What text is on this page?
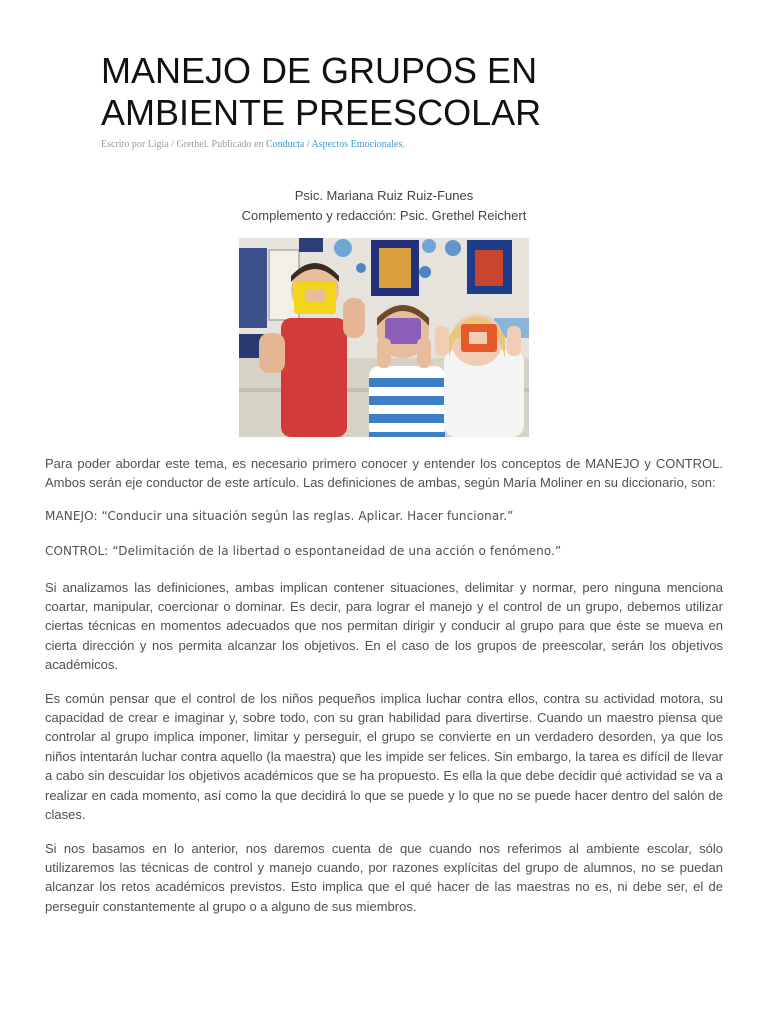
MANEJO DE GRUPOS EN
AMBIENTE PREESCOLAR
Escrito por Ligia / Grethel. Publicado en Conducta / Aspectos Emocionales.
Psic. Mariana Ruiz Ruiz-Funes
Complemento y redacción: Psic. Grethel Reichert

Para poder abordar este tema, es necesario primero conocer y entender los conceptos de MANEJO y CONTROL. Ambos serán eje conductor de este artículo. Las definiciones de ambas, según María Moliner en su diccionario, son:

MANEJO: “Conducir una situación según las reglas. Aplicar. Hacer funcionar.”

CONTROL: “Delimitación de la libertad o espontaneidad de una acción o fenómeno.”

Si analizamos las definiciones, ambas implican contener situaciones, delimitar y normar, pero ninguna menciona coartar, manipular, coercionar o dominar. Es decir, para lograr el manejo y el control de un grupo, debemos utilizar ciertas técnicas en momentos adecuados que nos permitan dirigir y conducir al grupo para que éste se mueva en cierta dirección y nos permita alcanzar los objetivos. En el caso de los grupos de preescolar, serán los objetivos académicos.

Es común pensar que el control de los niños pequeños implica luchar contra ellos, contra su actividad motora, su capacidad de crear e imaginar y, sobre todo, con su gran habilidad para divertirse. Cuando un maestro piensa que controlar al grupo implica imponer, limitar y perseguir, el grupo se convierte en un verdadero desorden, ya que los niños intentarán luchar contra aquello (la maestra) que les impide ser felices. Sin embargo, la tarea es difícil de llevar a cabo sin descuidar los objetivos académicos que se ha propuesto. Es ella la que debe decidir qué actividad se va a realizar en cada momento, así como la que decidirá lo que se puede y lo que no se puede hacer dentro del salón de clases.

Si nos basamos en lo anterior, nos daremos cuenta de que cuando nos referimos al ambiente escolar, sólo utilizaremos las técnicas de control y manejo cuando, por razones explícitas del grupo de alumnos, no se puedan alcanzar los retos académicos previstos. Esto implica que el qué hacer de las maestras no es, ni debe ser, el de perseguir constantemente al grupo o a alguno de sus miembros.
